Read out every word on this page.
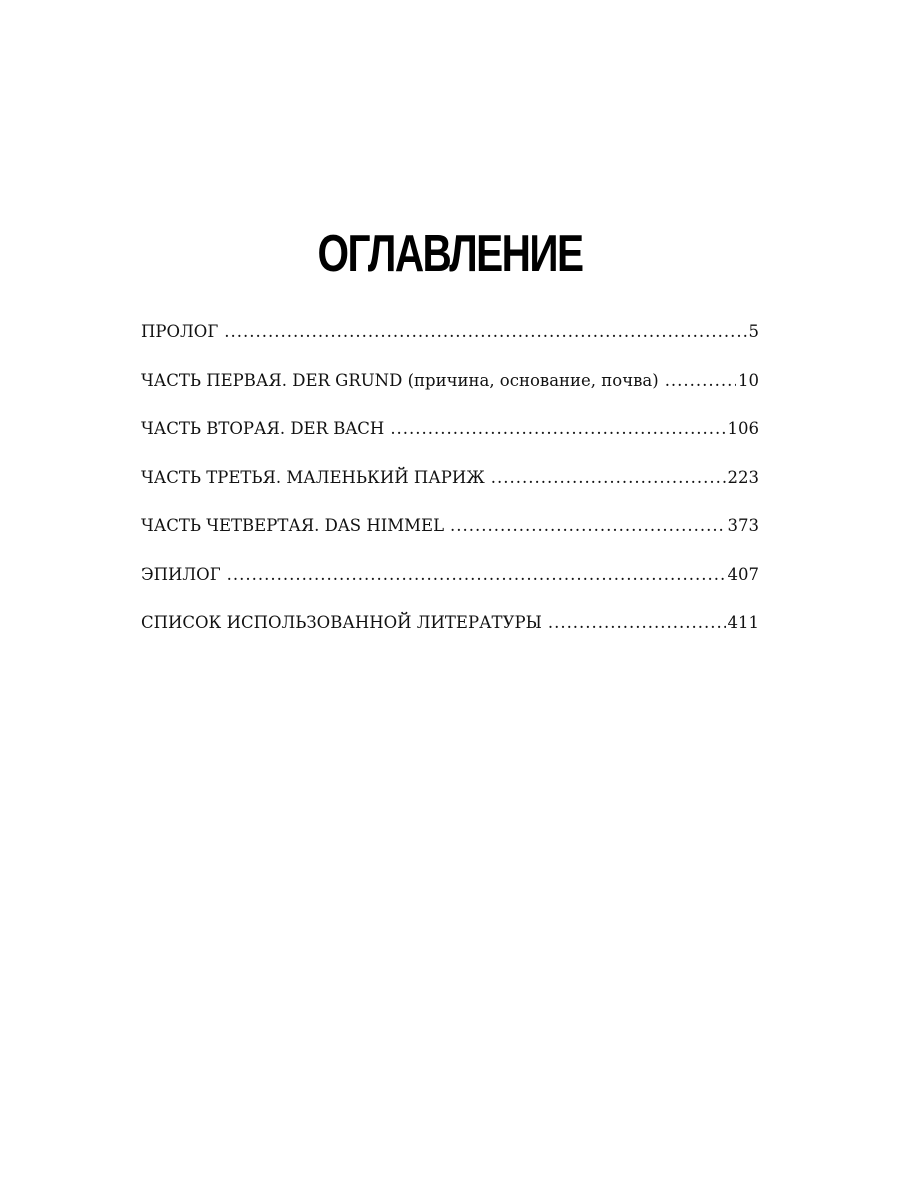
ОГЛАВЛЕНИЕ
ПРОЛОГ .....	5
ЧАСТЬ ПЕРВАЯ. DER GRUND (причина, основание, почва) .....	10
ЧАСТЬ ВТОРАЯ. DER BACH .....	106
ЧАСТЬ ТРЕТЬЯ. МАЛЕНЬКИЙ ПАРИЖ .....	223
ЧАСТЬ ЧЕТВЕРТАЯ. DAS HIMMEL .....	373
ЭПИЛОГ .....	407
СПИСОК ИСПОЛЬЗОВАННОЙ ЛИТЕРАТУРЫ .....	411
